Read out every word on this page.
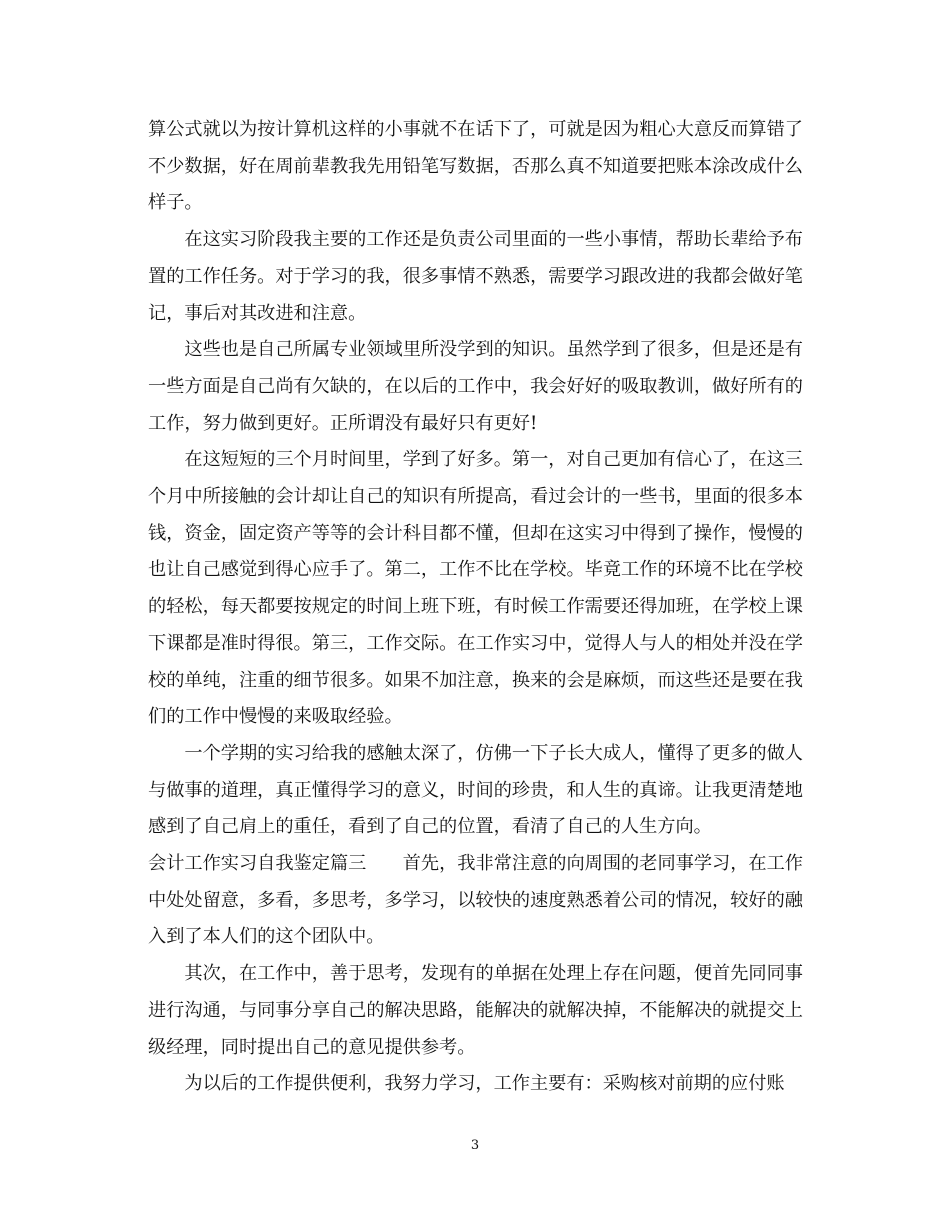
算公式就以为按计算机这样的小事就不在话下了，可就是因为粗心大意反而算错了不少数据，好在周前辈教我先用铅笔写数据，否那么真不知道要把账本涂改成什么样子。

在这实习阶段我主要的工作还是负责公司里面的一些小事情，帮助长辈给予布置的工作任务。对于学习的我，很多事情不熟悉，需要学习跟改进的我都会做好笔记，事后对其改进和注意。

这些也是自己所属专业领域里所没学到的知识。虽然学到了很多，但是还是有一些方面是自己尚有欠缺的，在以后的工作中，我会好好的吸取教训，做好所有的工作，努力做到更好。正所谓没有最好只有更好!

在这短短的三个月时间里，学到了好多。第一，对自己更加有信心了，在这三个月中所接触的会计却让自己的知识有所提高，看过会计的一些书，里面的很多本钱，资金，固定资产等等的会计科目都不懂，但却在这实习中得到了操作，慢慢的也让自己感觉到得心应手了。第二，工作不比在学校。毕竟工作的环境不比在学校的轻松，每天都要按规定的时间上班下班，有时候工作需要还得加班，在学校上课下课都是准时得很。第三，工作交际。在工作实习中，觉得人与人的相处并没在学校的单纯，注重的细节很多。如果不加注意，换来的会是麻烦，而这些还是要在我们的工作中慢慢的来吸取经验。

一个学期的实习给我的感触太深了，仿佛一下子长大成人，懂得了更多的做人与做事的道理，真正懂得学习的意义，时间的珍贵，和人生的真谛。让我更清楚地感到了自己肩上的重任，看到了自己的位置，看清了自己的人生方向。

会计工作实习自我鉴定篇三　　首先，我非常注意的向周围的老同事学习，在工作中处处留意，多看，多思考，多学习，以较快的速度熟悉着公司的情况，较好的融入到了本人们的这个团队中。

其次，在工作中，善于思考，发现有的单据在处理上存在问题，便首先同同事进行沟通，与同事分享自己的解决思路，能解决的就解决掉，不能解决的就提交上级经理，同时提出自己的意见提供参考。

为以后的工作提供便利，我努力学习，工作主要有：采购核对前期的应付账

3
